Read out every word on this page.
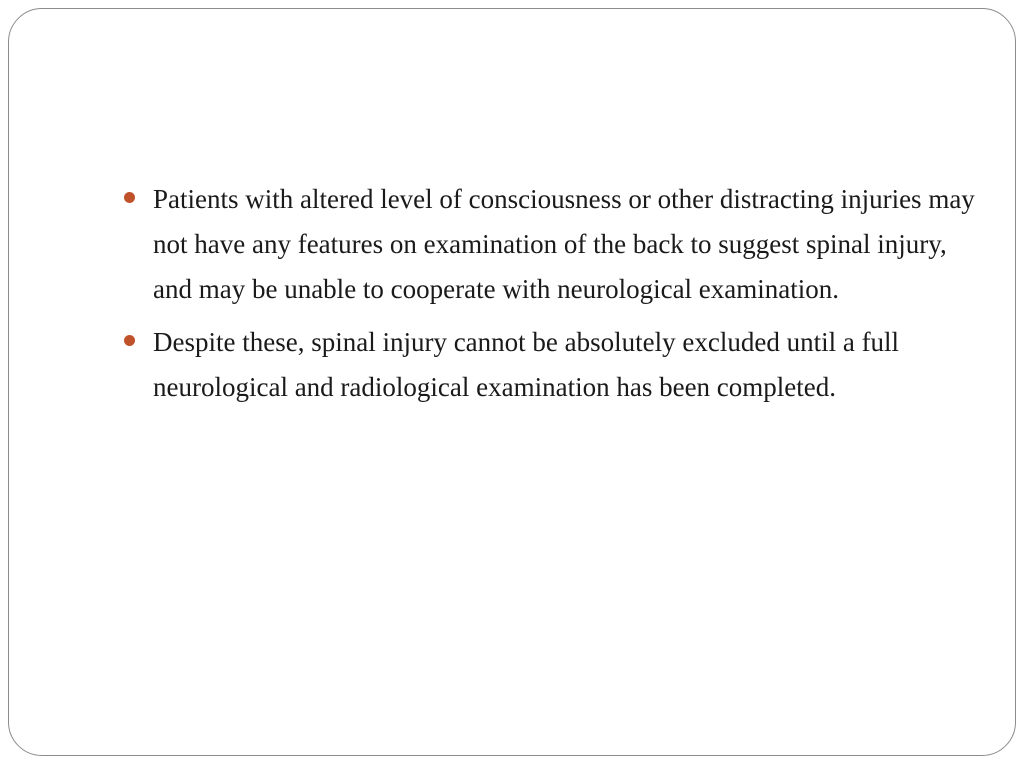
Patients with altered level of consciousness or other distracting injuries may not have any features on examination of the back to suggest spinal injury, and may be unable to cooperate with neurological examination.
Despite these, spinal injury cannot be absolutely excluded until a full neurological and radiological examination has been completed.
